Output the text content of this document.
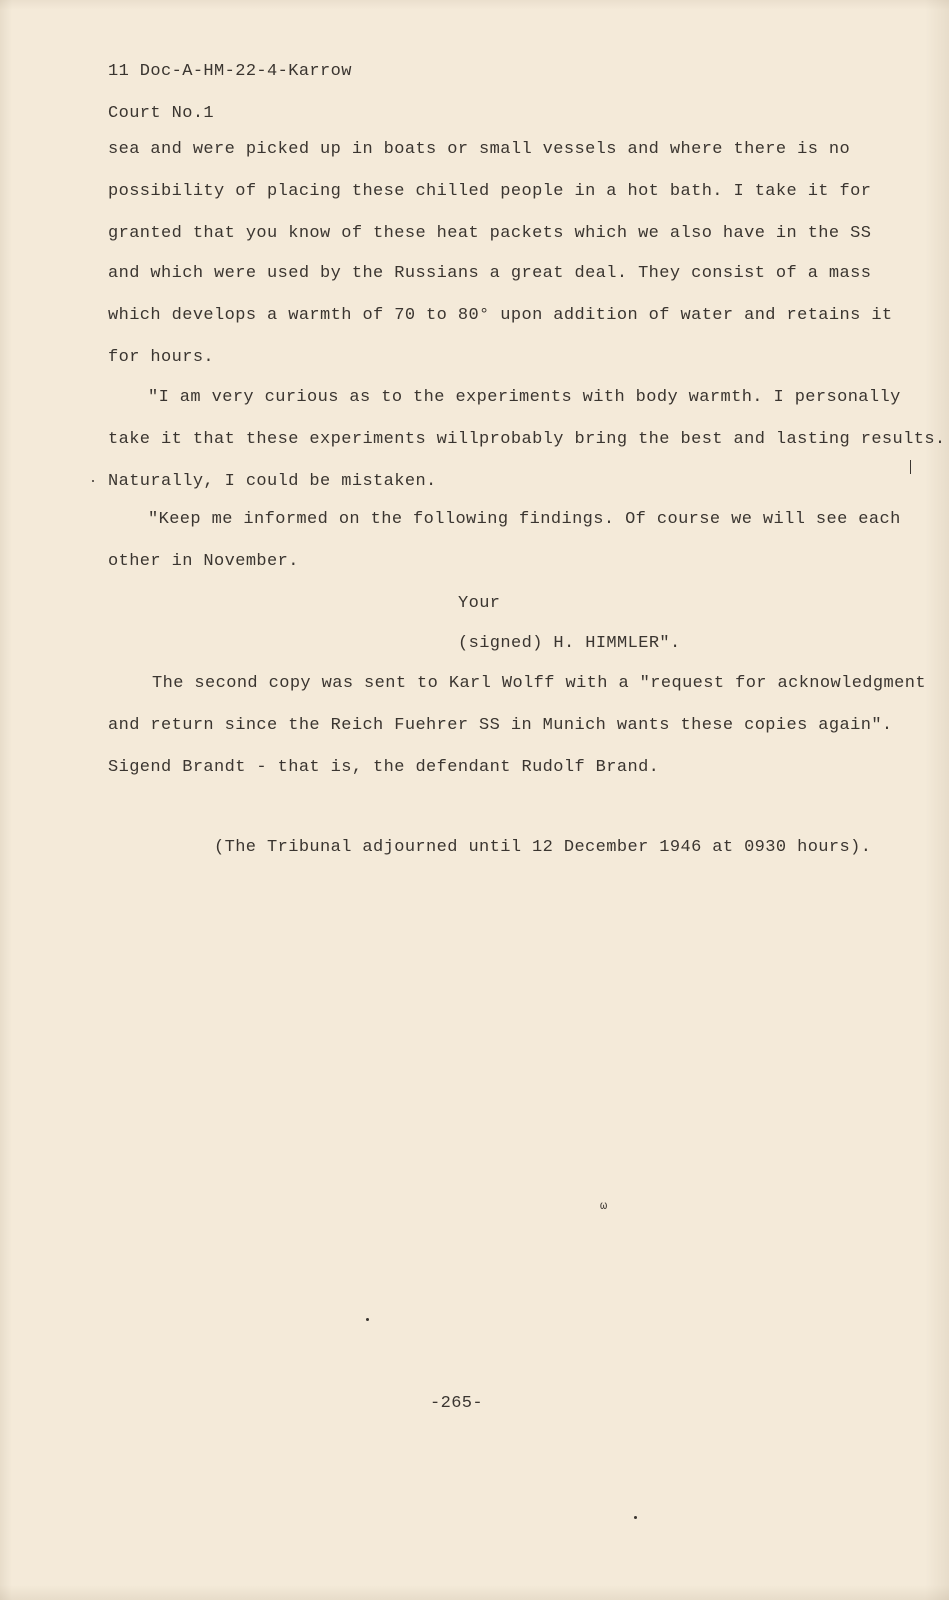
11 Doc-A-HM-22-4-Karrow
Court No.1
sea and were picked up in boats or small vessels and where there is no
possibility of placing these chilled people in a hot bath. I take it for
granted that you know of these heat packets which we also have in the SS
and which were used by the Russians a great deal. They consist of a mass
which develops a warmth of 70 to 80° upon addition of water and retains it
for hours.
"I am very curious as to the experiments with body warmth. I personally
take it that these experiments willprobably bring the best and lasting results.
Naturally, I could be mistaken.
"Keep me informed on the following findings. Of course we will see each
other in November.
Your
(signed) H. HIMMLER".
The second copy was sent to Karl Wolff with a "request for acknowledgment
and return since the Reich Fuehrer SS in Munich wants these copies again".
Sigend Brandt - that is, the defendant Rudolf Brand.
(The Tribunal adjourned until 12 December 1946 at 0930 hours).
ω
-265-
